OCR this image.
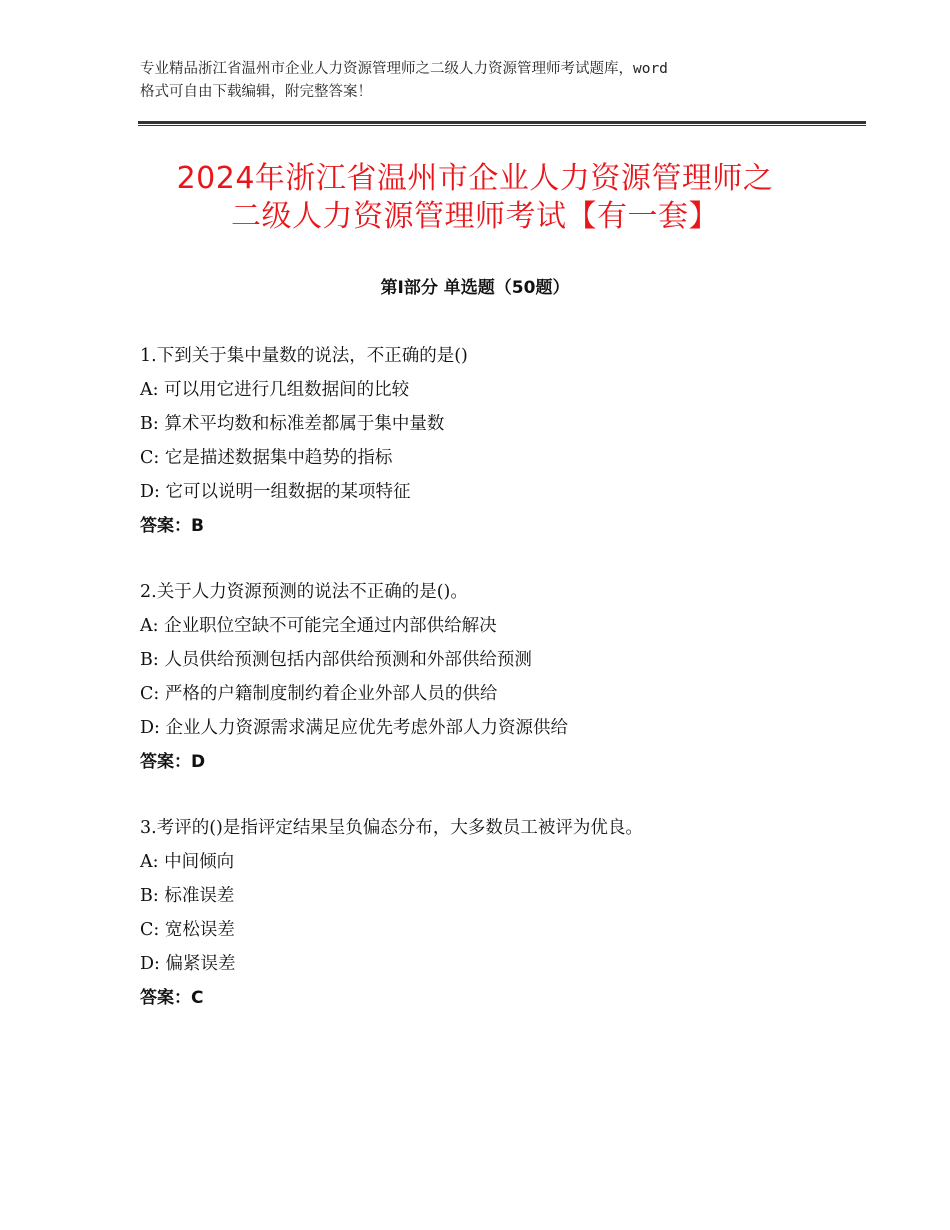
专业精品浙江省温州市企业人力资源管理师之二级人力资源管理师考试题库，word
格式可自由下载编辑，附完整答案！
2024年浙江省温州市企业人力资源管理师之
二级人力资源管理师考试【有一套】
第Ⅰ部分 单选题（50题）
1.下到关于集中量数的说法，不正确的是()
A: 可以用它进行几组数据间的比较
B: 算术平均数和标准差都属于集中量数
C: 它是描述数据集中趋势的指标
D: 它可以说明一组数据的某项特征
答案：B
2.关于人力资源预测的说法不正确的是()。
A: 企业职位空缺不可能完全通过内部供给解决
B: 人员供给预测包括内部供给预测和外部供给预测
C: 严格的户籍制度制约着企业外部人员的供给
D: 企业人力资源需求满足应优先考虑外部人力资源供给
答案：D
3.考评的()是指评定结果呈负偏态分布，大多数员工被评为优良。
A: 中间倾向
B: 标准误差
C: 宽松误差
D: 偏紧误差
答案：C
